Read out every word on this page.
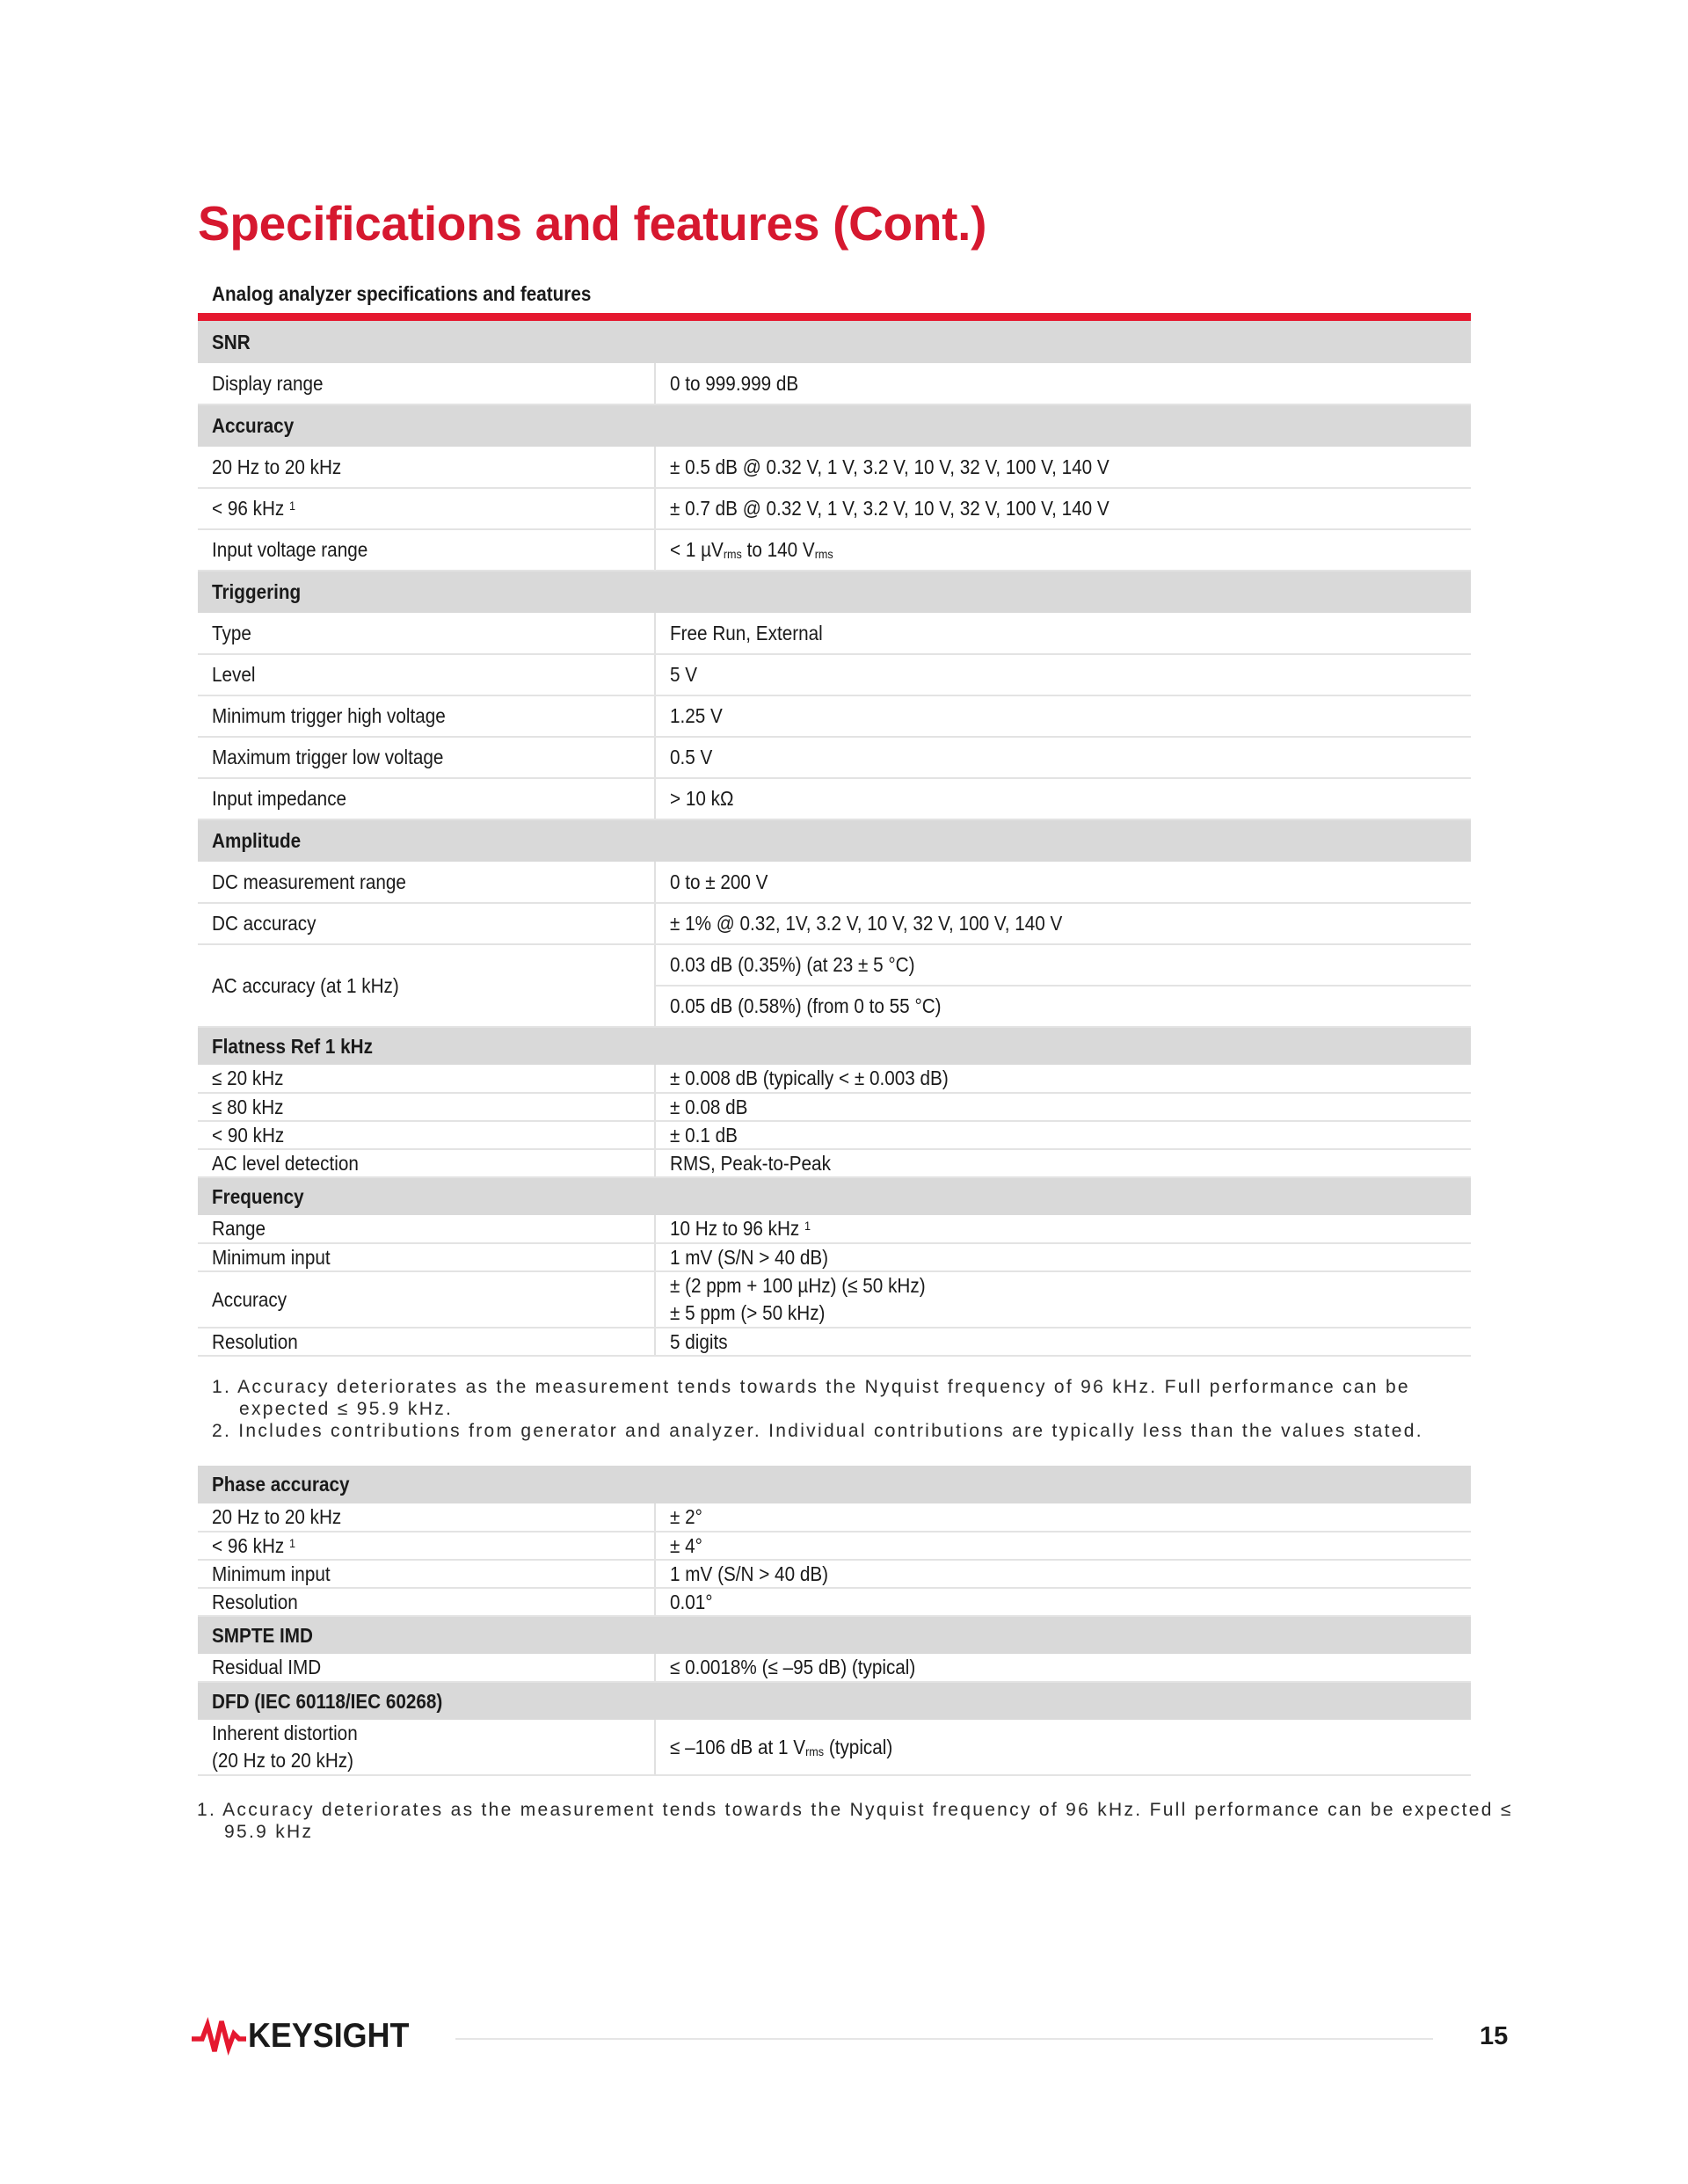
Specifications and features (Cont.)
Analog analyzer specifications and features
SNR	
Display range	0 to 999.999 dB
Accuracy	
20 Hz to 20 kHz	± 0.5 dB @ 0.32 V, 1 V, 3.2 V, 10 V, 32 V, 100 V, 140 V
< 96 kHz $^1$	± 0.7 dB @ 0.32 V, 1 V, 3.2 V, 10 V, 32 V, 100 V, 140 V
Input voltage range	< 1 µV$_{rms}$ to 140 $V_{rms}$
Triggering	
Type	Free Run, External
Level	5 V
Minimum trigger high voltage	1.25 V
Maximum trigger low voltage	0.5 V
Input impedance	> 10 kΩ
Amplitude	
DC measurement range	0 to ± 200 V
DC accuracy	± 1% @ 0.32, 1V, 3.2 V, 10 V, 32 V, 100 V, 140 V
AC accuracy (at 1 kHz)	0.03 dB (0.35%) (at 23 ± 5 °C)
	0.05 dB (0.58%) (from 0 to 55 °C)
Flatness Ref 1 kHz	
≤ 20 kHz	± 0.008 dB (typically < ± 0.003 dB)
≤ 80 kHz	± 0.08 dB
< 90 kHz	± 0.1 dB
AC level detection	RMS, Peak-to-Peak
Frequency	
Range	10 Hz to 96 kHz $^1$
Minimum input	1 mV (S/N > 40 dB)
Accuracy	± (2 ppm + 100 µHz) (≤ 50 kHz)
± 5 ppm (> 50 kHz)
Resolution	5 digits

1. Accuracy deteriorates as the measurement tends towards the Nyquist frequency of 96 kHz. Full performance can be

expected ≤ 95.9 kHz.

2. Includes contributions from generator and analyzer. Individual contributions are typically less than the values stated.

Phase accuracy	
20 Hz to 20 kHz	± 2°
< 96 kHz $^1$	± 4°
Minimum input	1 mV (S/N > 40 dB)
Resolution	0.01°
SMPTE IMD	
Residual IMD	≤ 0.0018% (≤ –95 dB) (typical)
DFD (IEC 60118/IEC 60268)	
Inherent distortion
(20 Hz to 20 kHz)	≤ –106 dB at 1 $V_{rms}$ (typical)

1. Accuracy deteriorates as the measurement tends towards the Nyquist frequency of 96 kHz. Full performance can be expected ≤

95.9 kHz

KEYSIGHT	15
